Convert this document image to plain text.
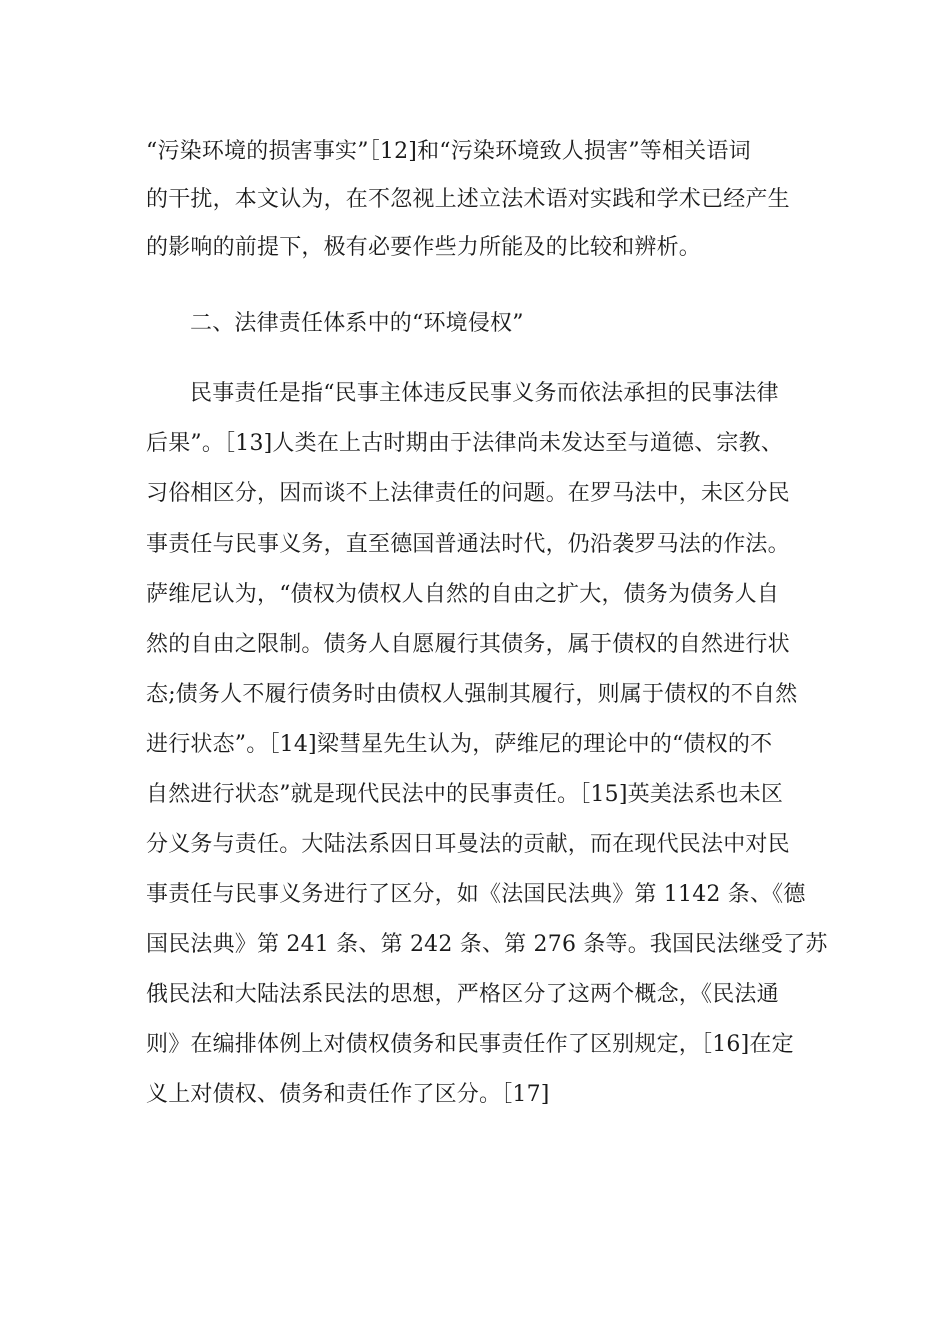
“污染环境的损害事实”［12]和“污染环境致人损害”等相关语词
的干扰，本文认为，在不忽视上述立法术语对实践和学术已经产生
的影响的前提下，极有必要作些力所能及的比较和辨析。
二、法律责任体系中的“环境侵权”
民事责任是指“民事主体违反民事义务而依法承担的民事法律
后果”。［13]人类在上古时期由于法律尚未发达至与道德、宗教、
习俗相区分，因而谈不上法律责任的问题。在罗马法中，未区分民
事责任与民事义务，直至德国普通法时代，仍沿袭罗马法的作法。
萨维尼认为，“债权为债权人自然的自由之扩大，债务为债务人自
然的自由之限制。债务人自愿履行其债务，属于债权的自然进行状
态;债务人不履行债务时由债权人强制其履行，则属于债权的不自然
进行状态”。［14]梁彗星先生认为，萨维尼的理论中的“债权的不
自然进行状态”就是现代民法中的民事责任。［15]英美法系也未区
分义务与责任。大陆法系因日耳曼法的贡献，而在现代民法中对民
事责任与民事义务进行了区分，如《法国民法典》第 1142 条、《德
国民法典》第 241 条、第 242 条、第 276 条等。我国民法继受了苏
俄民法和大陆法系民法的思想，严格区分了这两个概念，《民法通
则》在编排体例上对债权债务和民事责任作了区别规定，［16]在定
义上对债权、债务和责任作了区分。［17]
